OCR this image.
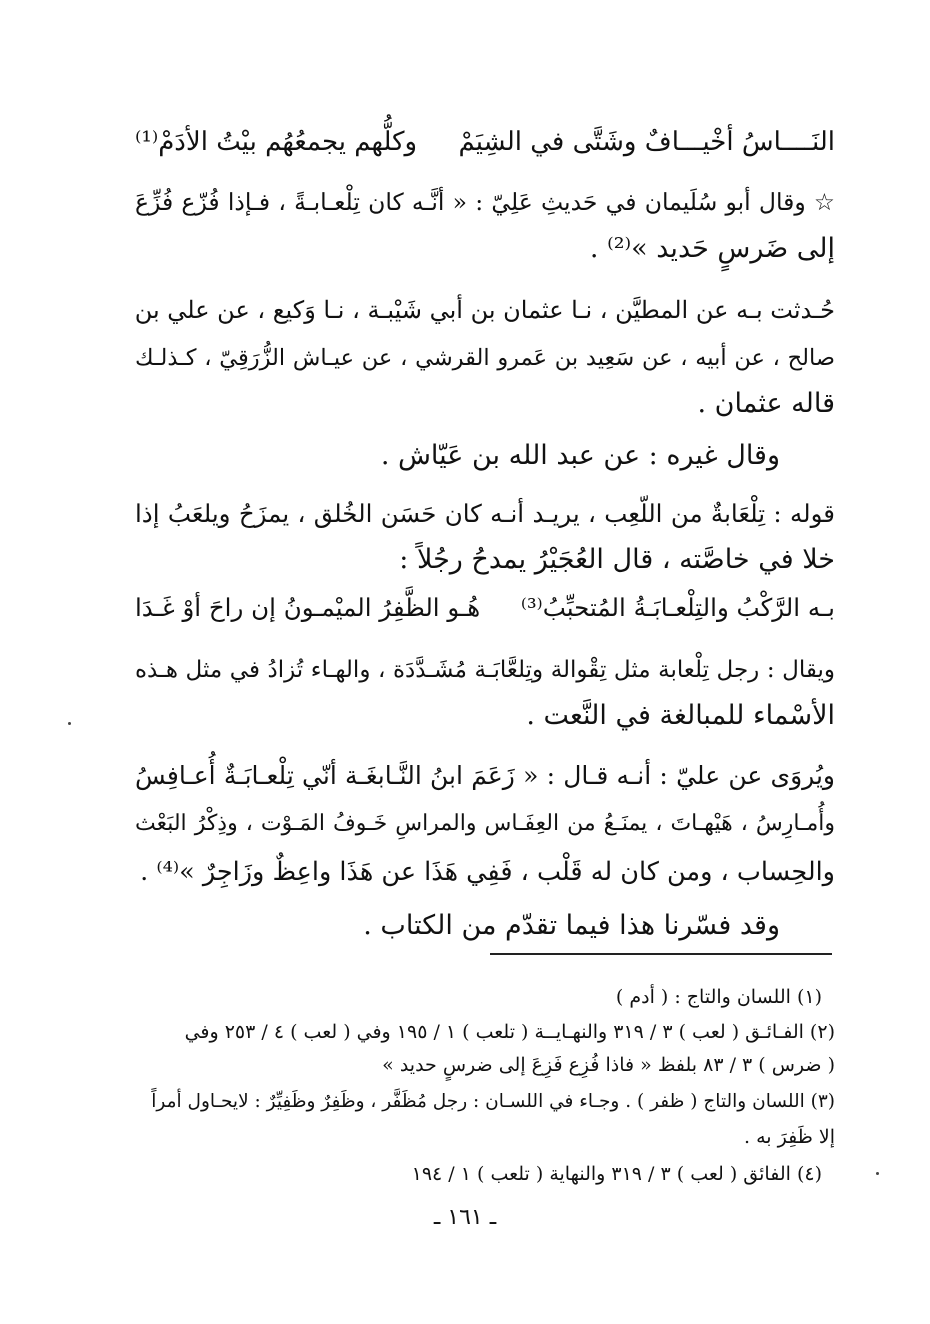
النَــــاسُ أخْيـــافٌ وشَتَّى في الشِيَمْ
وكلُّهم يجمعُهُم بيْتُ الأدَمْ⁽¹⁾
☆ وقال أبو سُلَيمان في حَديثِ عَلِيّ : « أنَّـه كان تِلْعـابـةً ، فـإذا فُزّع فُزِّعَ
إلى ضَرسٍ حَديد »⁽²⁾ .
حُـدثت بـه عن المطيَّن ، نـا عثمان بن أبي شَيْبـة ، نـا وَكيع ، عن علي بن
صالح ، عن أبيه ، عن سَعِيد بن عَمرو القرشي ، عن عيـاش الزُّرَقِيّ ، كـذلـك
قاله عثمان .
وقال غيره : عن عبد الله بن عَيّاش .
قوله : تِلْعَابةٌ من اللّعِب ، يريـد أنـه كان حَسَن الخُلق ، يمزَحُ ويلعَبُ إذا
خلا في خاصَّته ، قال العُجَيْرُ يمدحُ رجُلاً :
هُـو الظَّفِرُ الميْمـونُ إن راحَ أوْ غَـدَا بـه الرَّكْبُ والتِلْعـابَـةُ المُتحبِّبُ⁽³⁾
ويقال : رجل تِلْعابة مثل تِقْوالة وتِلعَّابَـة مُشَـدَّدَة ، والهـاء تُزادُ في مثل هـذه
الأسْماء للمبالغة في النَّعت .
ويُروَى عن عليّ : أنـه قـال : « زَعَمَ ابنُ النَّـابغَـة أنّي تِلْعـابَـةٌ أُعـافِسُ
وأُمـارِسُ ، هَيْهـاتَ ، يمنَـعُ من العِفَـاس والمراسِ خَـوفُ المَـوْت ، وذِكْرُ البَعْث
والحِساب ، ومن كان له قَلْب ، فَفِي هَذَا عن هَذَا واعِظٌ وزَاجِرٌ »⁽⁴⁾ .
وقد فسّرنا هذا فيما تقدّم من الكتاب .
(١) اللسان والتاج : ( أدم )
(٢) الفـائـق ( لعب ) ٣ / ٣١٩ والنهـايــة ( تلعب ) ١ / ١٩٥ وفي ( لعب ) ٤ / ٢٥٣ وفي
( ضرس ) ٣ / ٨٣ بلفظ « فاذا فُزِع فَزِعَ إلى ضرسٍ حديد »
(٣) اللسان والتاج ( ظفر ) . وجـاء في اللسـان : رجل مُظَفَّر ، وظَفِرٌ وظَفِيِّرٌ : لايحـاول أمراً
إلا ظَفِرَ به .
(٤) الفائق ( لعب ) ٣ / ٣١٩ والنهاية ( تلعب ) ١ / ١٩٤
ـ ١٦١ ـ
